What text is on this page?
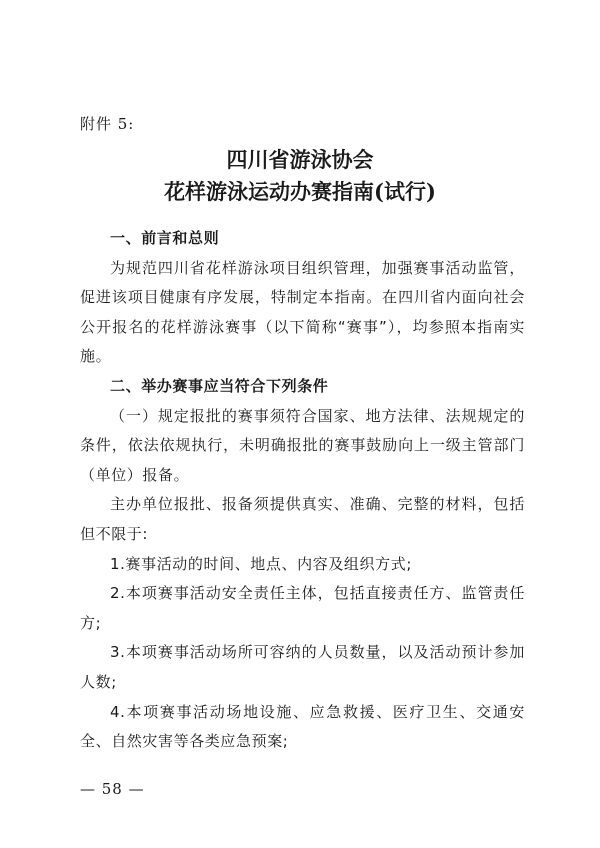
附件 5:
四川省游泳协会
花样游泳运动办赛指南(试行)
一、前言和总则

为规范四川省花样游泳项目组织管理，加强赛事活动监管，促进该项目健康有序发展，特制定本指南。在四川省内面向社会公开报名的花样游泳赛事（以下简称“赛事”），均参照本指南实施。

二、举办赛事应当符合下列条件

（一）规定报批的赛事须符合国家、地方法律、法规规定的条件，依法依规执行，未明确报批的赛事鼓励向上一级主管部门（单位）报备。

主办单位报批、报备须提供真实、准确、完整的材料，包括但不限于:

1.赛事活动的时间、地点、内容及组织方式;

2.本项赛事活动安全责任主体，包括直接责任方、监管责任方;

3.本项赛事活动场所可容纳的人员数量，以及活动预计参加人数;

4.本项赛事活动场地设施、应急救援、医疗卫生、交通安全、自然灾害等各类应急预案;

— 58 —
